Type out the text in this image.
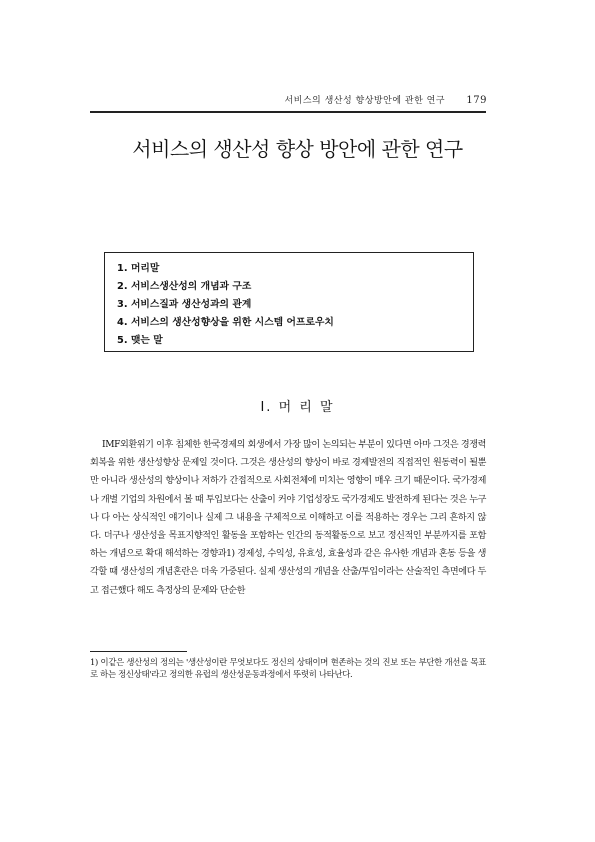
서비스의 생산성 향상방안에 관한 연구 179
서비스의 생산성 향상 방안에 관한 연구
1. 머리말
2. 서비스생산성의 개념과 구조
3. 서비스질과 생산성과의 관계
4. 서비스의 생산성향상을 위한 시스템 어프로우치
5. 맺는 말
Ⅰ. 머 리 말

IMF외환위기 이후 침체한 한국경제의 회생에서 가장 많이 논의되는 부분이 있다면 아마 그것은 경쟁력회복을 위한 생산성향상 문제일 것이다. 그것은 생산성의 향상이 바로 경제발전의 직접적인 원동력이 될뿐만 아니라 생산성의 향상이나 저하가 간접적으로 사회전체에 미치는 영향이 매우 크기 때문이다. 국가경제나 개별 기업의 차원에서 볼 때 투입보다는 산출이 커야 기업성장도 국가경제도 발전하게 된다는 것은 누구나 다 아는 상식적인 얘기이나 실제 그 내용을 구체적으로 이해하고 이를 적용하는 경우는 그리 흔하지 않다. 더구나 생산성을 목표지향적인 활동을 포함하는 인간의 동적활동으로 보고 정신적인 부분까지를 포함하는 개념으로 확대 해석하는 경향과1) 경제성, 수익성, 유효성, 효율성과 같은 유사한 개념과 혼동 등을 생각할 때 생산성의 개념혼란은 더욱 가중된다. 실제 생산성의 개념을 산출/투입이라는 산술적인 측면에다 두고 접근했다 해도 측정상의 문제와 단순한

1) 이같은 생산성의 정의는 '생산성이란 무엇보다도 정신의 상태이며 현존하는 것의 진보 또는 부단한 개선을 목표로 하는 정신상태'라고 정의한 유럽의 생산성운동과정에서 뚜렷히 나타난다.
